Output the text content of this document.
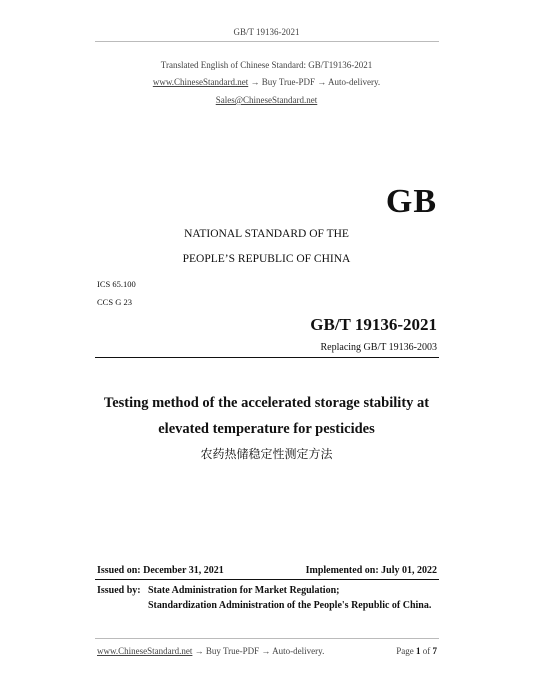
GB/T 19136-2021
Translated English of Chinese Standard: GB/T19136-2021
www.ChineseStandard.net → Buy True-PDF → Auto-delivery.
Sales@ChineseStandard.net
GB
NATIONAL STANDARD OF THE
PEOPLE’S REPUBLIC OF CHINA
ICS 65.100
CCS G 23
GB/T 19136-2021
Replacing GB/T 19136-2003
Testing method of the accelerated storage stability at
elevated temperature for pesticides
农药热储稳定性测定方法
Issued on: December 31, 2021	Implemented on: July 01, 2022
Issued by: State Administration for Market Regulation;
Standardization Administration of the People's Republic of China.
www.ChineseStandard.net → Buy True-PDF → Auto-delivery.	Page 1 of 7
